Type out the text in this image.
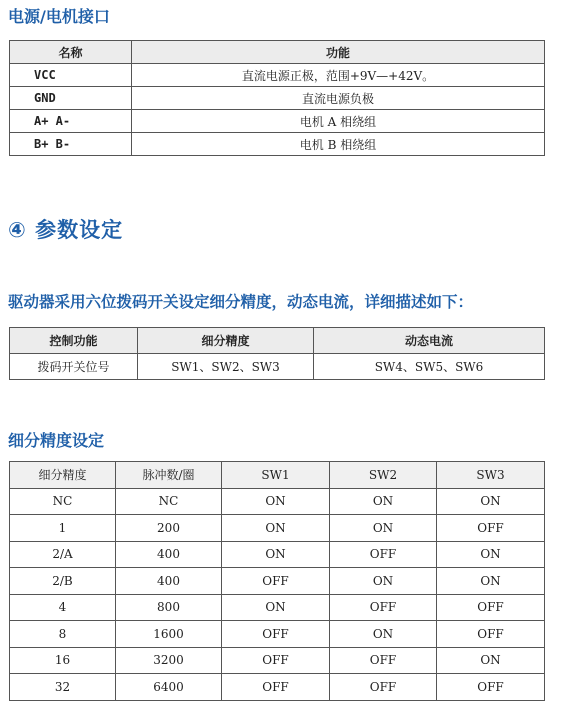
电源/电机接口
名称	功能
VCC	直流电源正极，范围+9V—+42V。
GND	直流电源负极
A+ A-	电机 A 相绕组
B+ B-	电机 B 相绕组
④ 参数设定
驱动器采用六位拨码开关设定细分精度，动态电流，详细描述如下：
控制功能	细分精度	动态电流
拨码开关位号	SW1、SW2、SW3	SW4、SW5、SW6
细分精度设定
细分精度	脉冲数/圈	SW1	SW2	SW3
NC	NC	ON	ON	ON
1	200	ON	ON	OFF
2/A	400	ON	OFF	ON
2/B	400	OFF	ON	ON
4	800	ON	OFF	OFF
8	1600	OFF	ON	OFF
16	3200	OFF	OFF	ON
32	6400	OFF	OFF	OFF
